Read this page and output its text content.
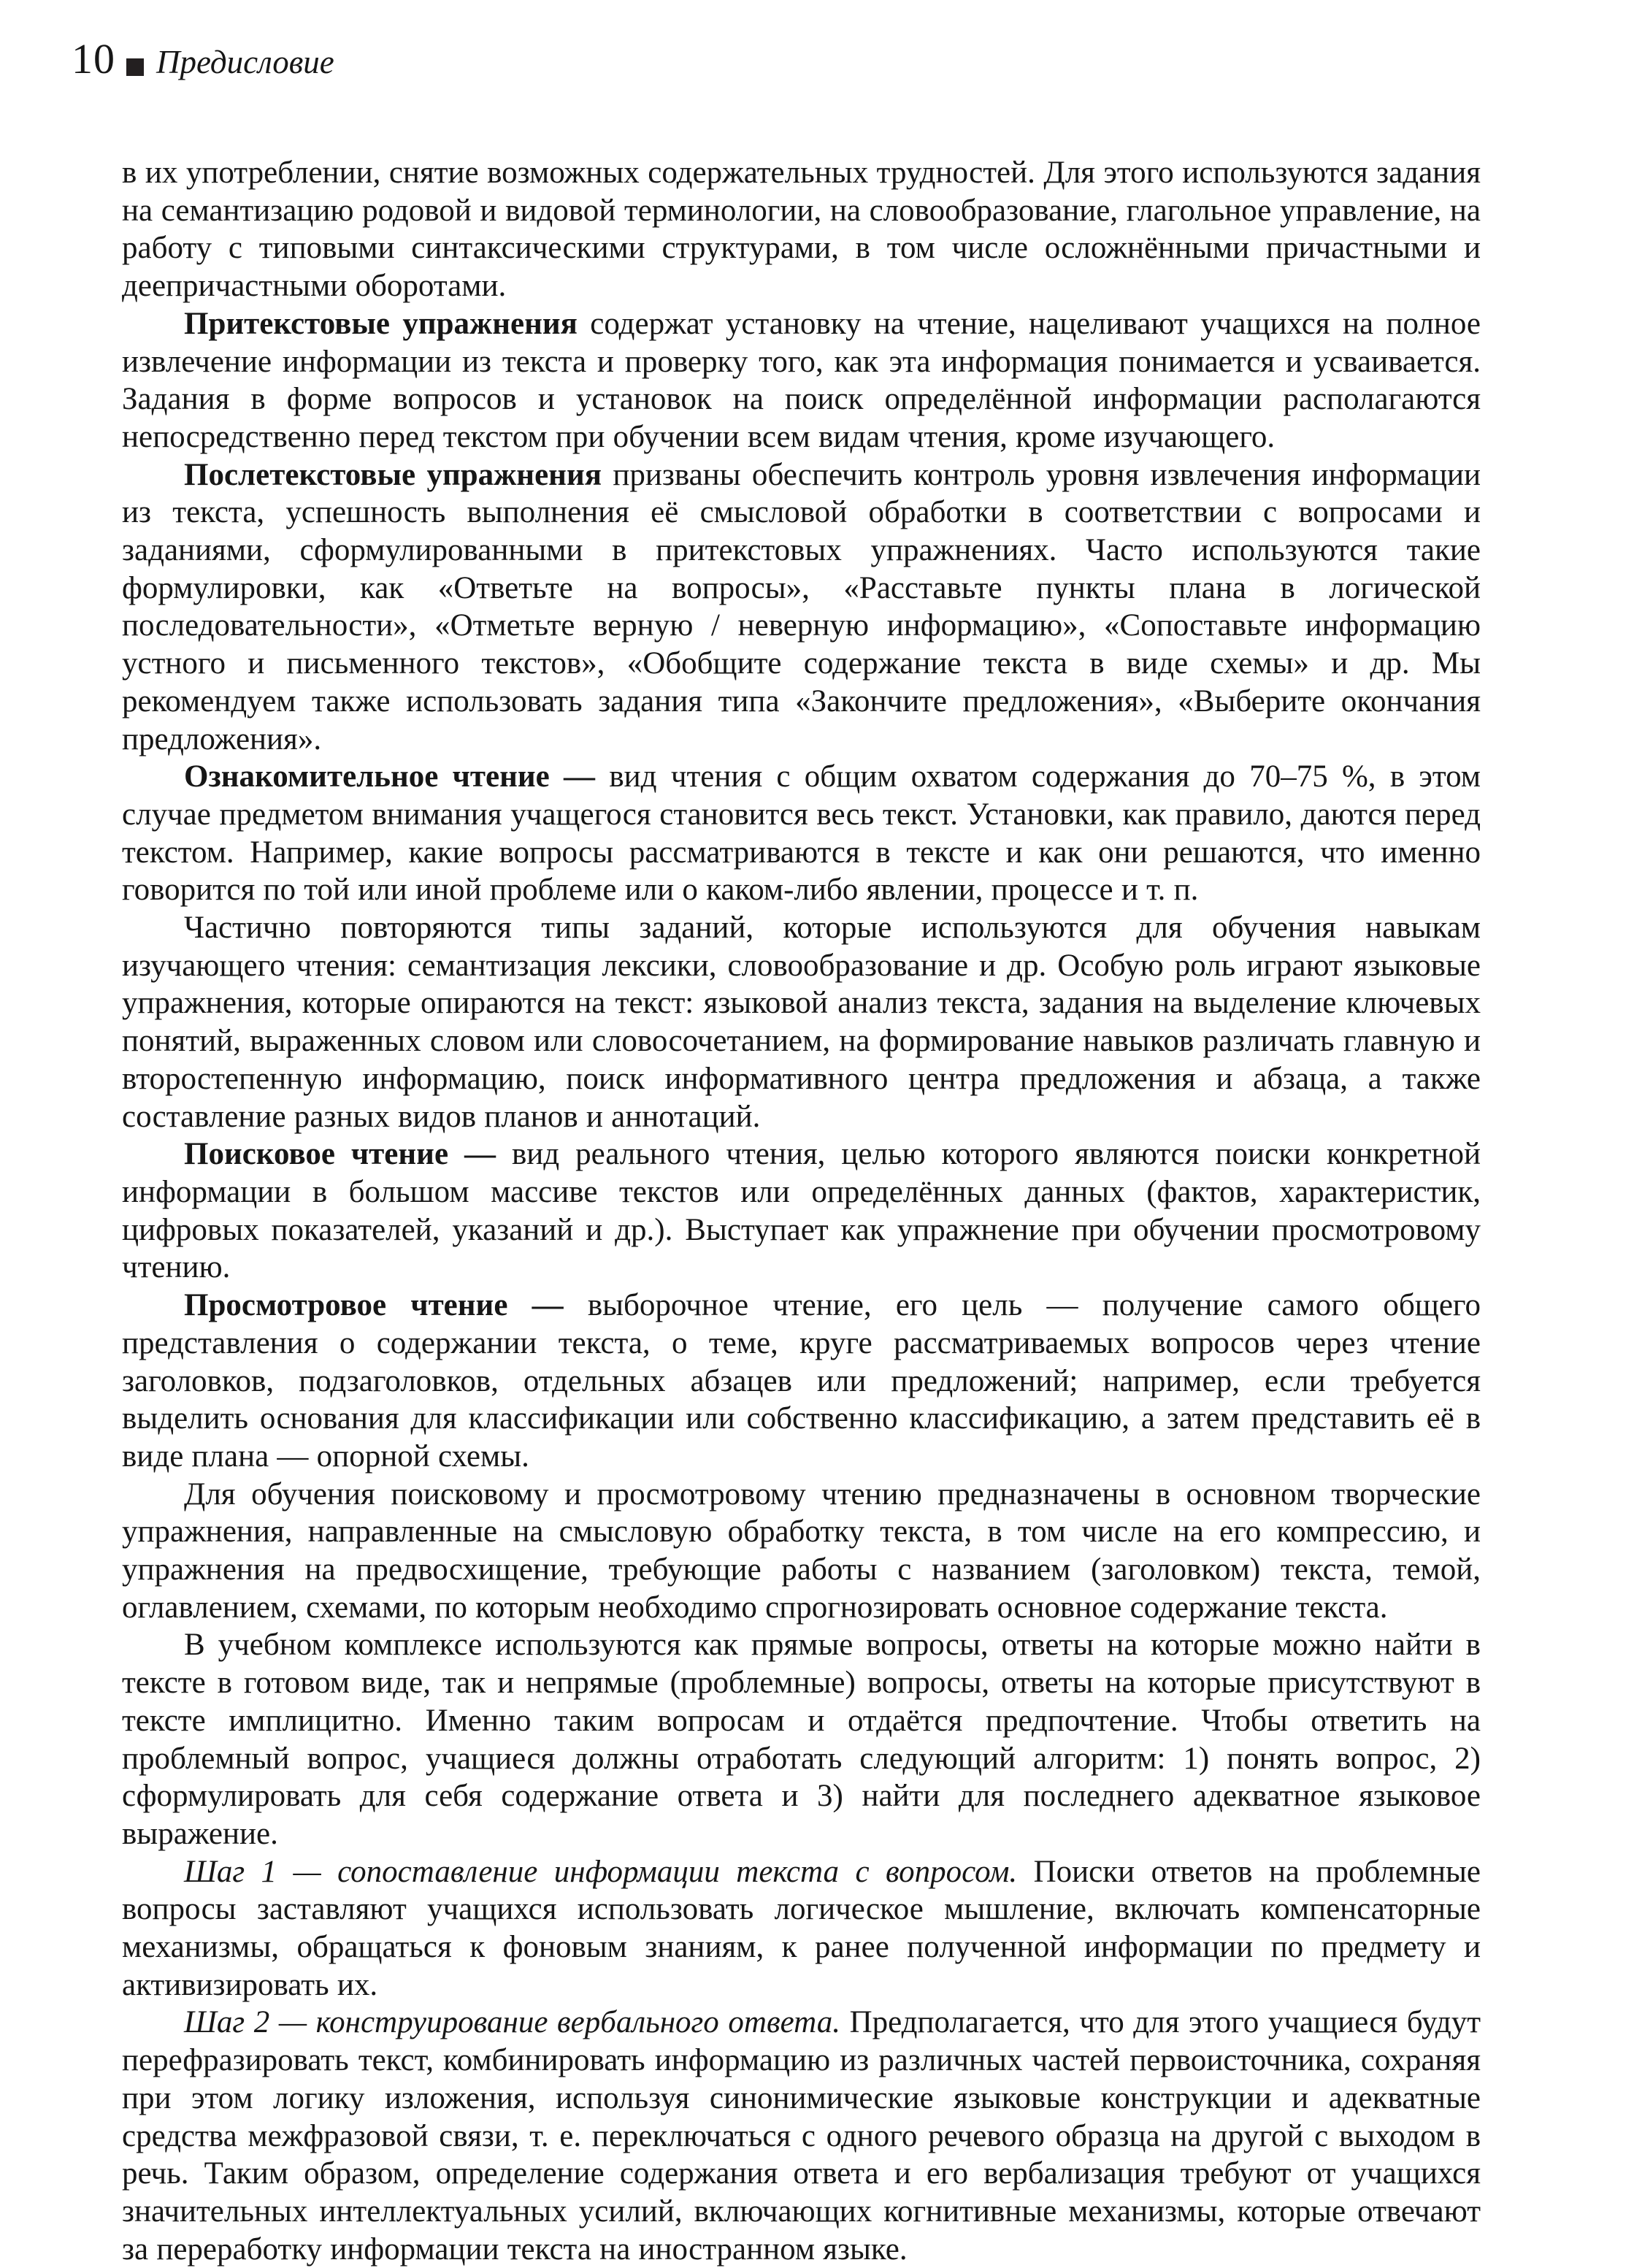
10 Предисловие

в их употреблении, снятие возможных содержательных трудностей. Для этого используются задания на семантизацию родовой и видовой терминологии, на словообразование, глагольное управление, на работу с типовыми синтаксическими структурами, в том числе осложнёнными причастными и деепричастными оборотами.

Притекстовые упражнения содержат установку на чтение, нацеливают учащихся на полное извлечение информации из текста и проверку того, как эта информация понимается и усваивается. Задания в форме вопросов и установок на поиск определённой информации располагаются непосредственно перед текстом при обучении всем видам чтения, кроме изучающего.

Послетекстовые упражнения призваны обеспечить контроль уровня извлечения информации из текста, успешность выполнения её смысловой обработки в соответствии с вопросами и заданиями, сформулированными в притекстовых упражнениях. Часто используются такие формулировки, как «Ответьте на вопросы», «Расставьте пункты плана в логической последовательности», «Отметьте верную / неверную информацию», «Сопоставьте информацию устного и письменного текстов», «Обобщите содержание текста в виде схемы» и др. Мы рекомендуем также использовать задания типа «Закончите предложения», «Выберите окончания предложения».

Ознакомительное чтение — вид чтения с общим охватом содержания до 70–75 %, в этом случае предметом внимания учащегося становится весь текст. Установки, как правило, даются перед текстом. Например, какие вопросы рассматриваются в тексте и как они решаются, что именно говорится по той или иной проблеме или о каком-либо явлении, процессе и т. п.

Частично повторяются типы заданий, которые используются для обучения навыкам изучающего чтения: семантизация лексики, словообразование и др. Особую роль играют языковые упражнения, которые опираются на текст: языковой анализ текста, задания на выделение ключевых понятий, выраженных словом или словосочетанием, на формирование навыков различать главную и второстепенную информацию, поиск информативного центра предложения и абзаца, а также составление разных видов планов и аннотаций.

Поисковое чтение — вид реального чтения, целью которого являются поиски конкретной информации в большом массиве текстов или определённых данных (фактов, характеристик, цифровых показателей, указаний и др.). Выступает как упражнение при обучении просмотровому чтению.

Просмотровое чтение — выборочное чтение, его цель — получение самого общего представления о содержании текста, о теме, круге рассматриваемых вопросов через чтение заголовков, подзаголовков, отдельных абзацев или предложений; например, если требуется выделить основания для классификации или собственно классификацию, а затем представить её в виде плана — опорной схемы.

Для обучения поисковому и просмотровому чтению предназначены в основном творческие упражнения, направленные на смысловую обработку текста, в том числе на его компрессию, и упражнения на предвосхищение, требующие работы с названием (заголовком) текста, темой, оглавлением, схемами, по которым необходимо спрогнозировать основное содержание текста.

В учебном комплексе используются как прямые вопросы, ответы на которые можно найти в тексте в готовом виде, так и непрямые (проблемные) вопросы, ответы на которые присутствуют в тексте имплицитно. Именно таким вопросам и отдаётся предпочтение. Чтобы ответить на проблемный вопрос, учащиеся должны отработать следующий алгоритм: 1) понять вопрос, 2) сформулировать для себя содержание ответа и 3) найти для последнего адекватное языковое выражение.

Шаг 1 — сопоставление информации текста с вопросом. Поиски ответов на проблемные вопросы заставляют учащихся использовать логическое мышление, включать компенсаторные механизмы, обращаться к фоновым знаниям, к ранее полученной информации по предмету и активизировать их.

Шаг 2 — конструирование вербального ответа. Предполагается, что для этого учащиеся будут перефразировать текст, комбинировать информацию из различных частей первоисточника, сохраняя при этом логику изложения, используя синонимические языковые конструкции и адекватные средства межфразовой связи, т. е. переключаться с одного речевого образца на другой с выходом в речь. Таким образом, определение содержания ответа и его вербализация требуют от учащихся значительных интеллектуальных усилий, включающих когнитивные механизмы, которые отвечают за переработку информации текста на иностранном языке.
